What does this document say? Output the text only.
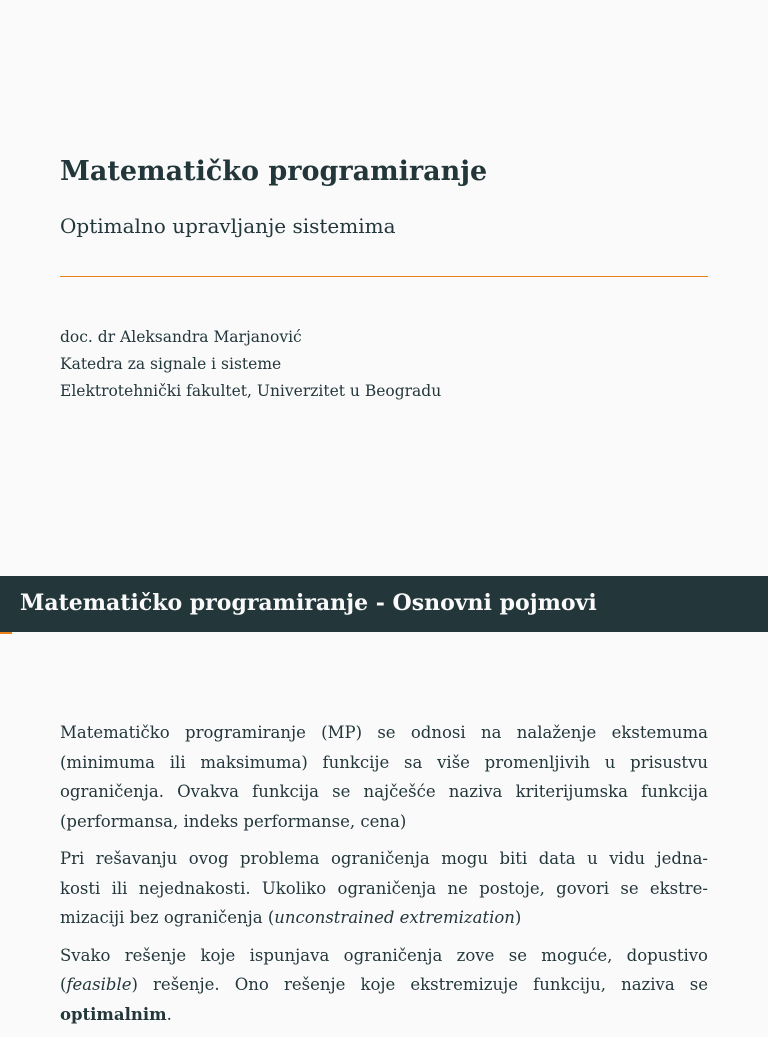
Matematičko programiranje

Optimalno upravljanje sistemima

doc. dr Aleksandra Marjanović
Katedra za signale i sisteme
Elektrotehnički fakultet, Univerzitet u Beogradu
Matematičko programiranje - Osnovni pojmovi

Matematičko programiranje (MP) se odnosi na nalaženje ekstemuma
(minimuma ili maksimuma) funkcije sa više promenljivih u prisustvu
ograničenja. Ovakva funkcija se najčešće naziva kriterijumska funkcija
(performansa, indeks performanse, cena)

Pri rešavanju ovog problema ograničenja mogu biti data u vidu jedna-
kosti ili nejednakosti. Ukoliko ograničenja ne postoje, govori se ekstre-
mizaciji bez ograničenja (unconstrained extremization)

Svako rešenje koje ispunjava ograničenja zove se moguće, dopustivo
(feasible) rešenje. Ono rešenje koje ekstremizuje funkciju, naziva se
optimalnim.
